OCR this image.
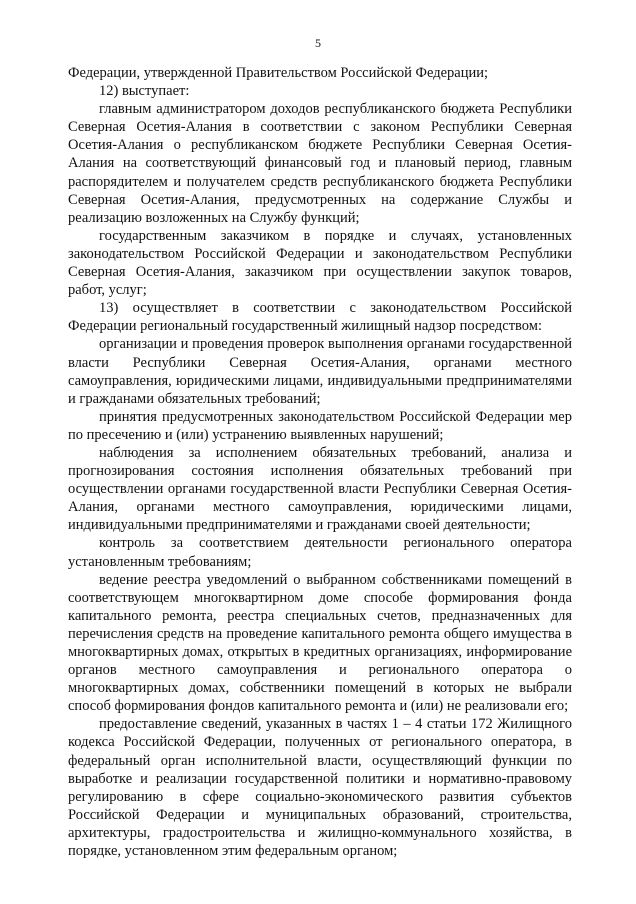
5

Федерации, утвержденной Правительством Российской Федерации;

12) выступает:

главным администратором доходов республиканского бюджета Республики Северная Осетия-Алания в соответствии с законом Республики Северная Осетия-Алания о республиканском бюджете Республики Северная Осетия-Алания на соответствующий финансовый год и плановый период, главным распорядителем и получателем средств республиканского бюджета Республики Северная Осетия-Алания, предусмотренных на содержание Службы и реализацию возложенных на Службу функций;

государственным заказчиком в порядке и случаях, установленных законодательством Российской Федерации и законодательством Республики Северная Осетия-Алания, заказчиком при осуществлении закупок товаров, работ, услуг;

13) осуществляет в соответствии с законодательством Российской Федерации региональный государственный жилищный надзор посредством:

организации и проведения проверок выполнения органами государственной власти Республики Северная Осетия-Алания, органами местного самоуправления, юридическими лицами, индивидуальными предпринимателями и гражданами обязательных требований;

принятия предусмотренных законодательством Российской Федерации мер по пресечению и (или) устранению выявленных нарушений;

наблюдения за исполнением обязательных требований, анализа и прогнозирования состояния исполнения обязательных требований при осуществлении органами государственной власти Республики Северная Осетия-Алания, органами местного самоуправления, юридическими лицами, индивидуальными предпринимателями и гражданами своей деятельности;

контроль за соответствием деятельности регионального оператора установленным требованиям;

ведение реестра уведомлений о выбранном собственниками помещений в соответствующем многоквартирном доме способе формирования фонда капитального ремонта, реестра специальных счетов, предназначенных для перечисления средств на проведение капитального ремонта общего имущества в многоквартирных домах, открытых в кредитных организациях, информирование органов местного самоуправления и регионального оператора о многоквартирных домах, собственники помещений в которых не выбрали способ формирования фондов капитального ремонта и (или) не реализовали его;

предоставление сведений, указанных в частях 1 – 4 статьи 172 Жилищного кодекса Российской Федерации, полученных от регионального оператора, в федеральный орган исполнительной власти, осуществляющий функции по выработке и реализации государственной политики и нормативно-правовому регулированию в сфере социально-экономического развития субъектов Российской Федерации и муниципальных образований, строительства, архитектуры, градостроительства и жилищно-коммунального хозяйства, в порядке, установленном этим федеральным органом;
